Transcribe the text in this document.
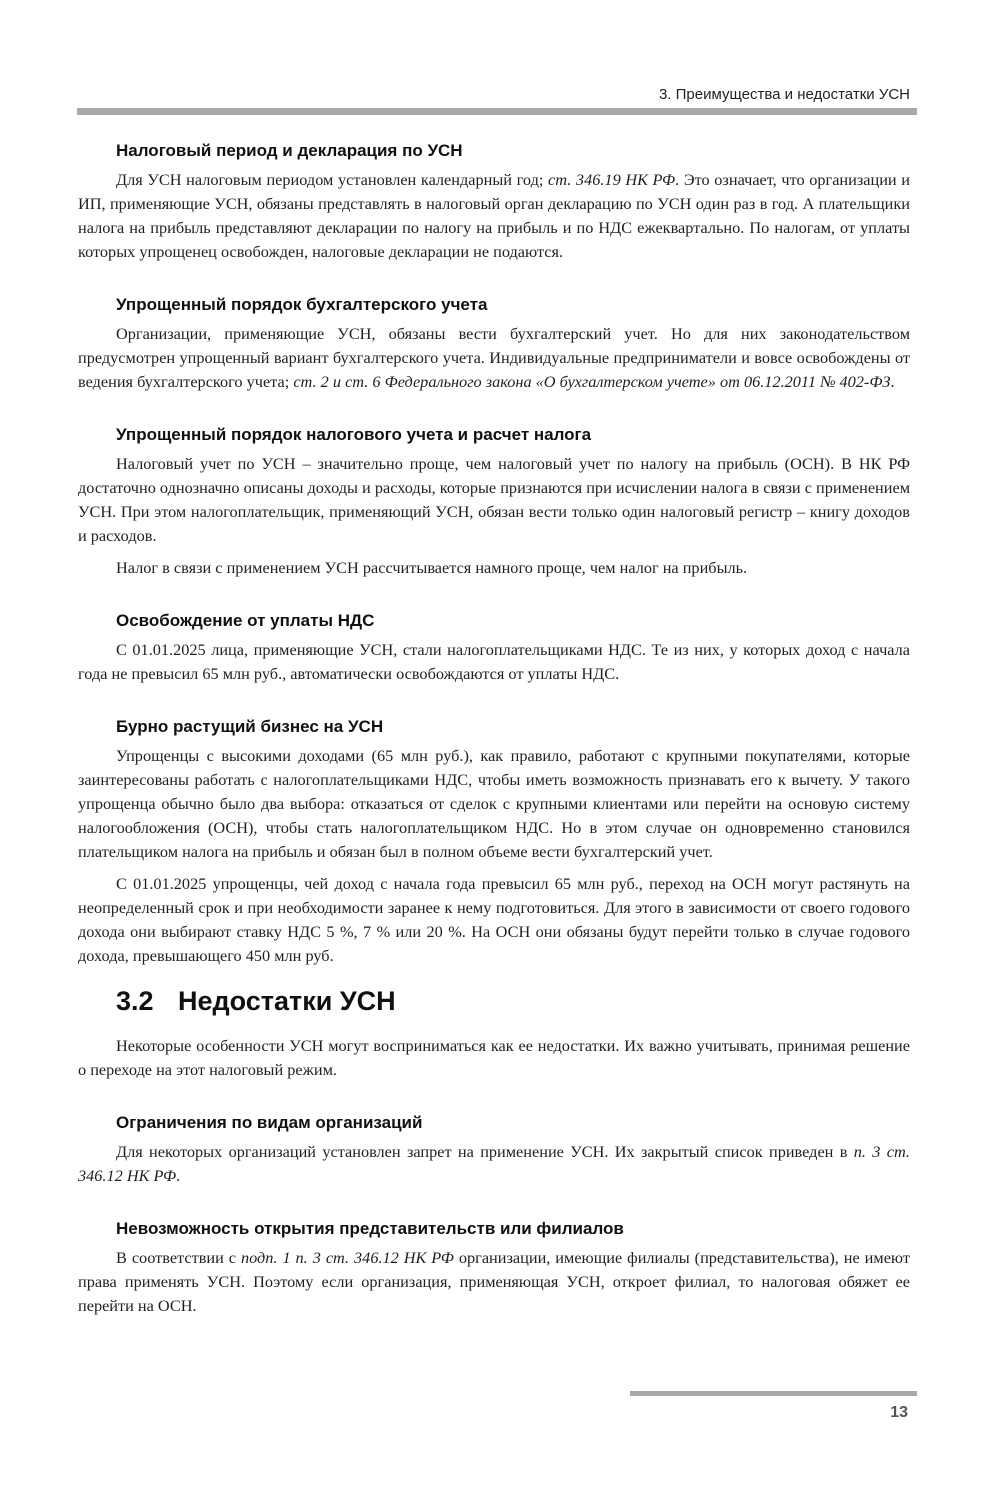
3. Преимущества и недостатки УСН
Налоговый период и декларация по УСН

Для УСН налоговым периодом установлен календарный год; ст. 346.19 НК РФ. Это означает, что организации и ИП, применяющие УСН, обязаны представлять в налоговый орган декларацию по УСН один раз в год. А плательщики налога на прибыль представляют декларации по налогу на прибыль и по НДС ежеквартально. По налогам, от уплаты которых упрощенец освобожден, налоговые декларации не подаются.

Упрощенный порядок бухгалтерского учета

Организации, применяющие УСН, обязаны вести бухгалтерский учет. Но для них законодательством предусмотрен упрощенный вариант бухгалтерского учета. Индивидуальные предприниматели и вовсе освобождены от ведения бухгалтерского учета; ст. 2 и ст. 6 Федерального закона «О бухгалтерском учете» от 06.12.2011 № 402-ФЗ.

Упрощенный порядок налогового учета и расчет налога

Налоговый учет по УСН – значительно проще, чем налоговый учет по налогу на прибыль (ОСН). В НК РФ достаточно однозначно описаны доходы и расходы, которые признаются при исчислении налога в связи с применением УСН. При этом налогоплательщик, применяющий УСН, обязан вести только один налоговый регистр – книгу доходов и расходов.

Налог в связи с применением УСН рассчитывается намного проще, чем налог на прибыль.

Освобождение от уплаты НДС

С 01.01.2025 лица, применяющие УСН, стали налогоплательщиками НДС. Те из них, у которых доход с начала года не превысил 65 млн руб., автоматически освобождаются от уплаты НДС.

Бурно растущий бизнес на УСН

Упрощенцы с высокими доходами (65 млн руб.), как правило, работают с крупными покупателями, которые заинтересованы работать с налогоплательщиками НДС, чтобы иметь возможность признавать его к вычету. У такого упрощенца обычно было два выбора: отказаться от сделок с крупными клиентами или перейти на основую систему налогообложения (ОСН), чтобы стать налогоплательщиком НДС. Но в этом случае он одновременно становился плательщиком налога на прибыль и обязан был в полном объеме вести бухгалтерский учет.

С 01.01.2025 упрощенцы, чей доход с начала года превысил 65 млн руб., переход на ОСН могут растянуть на неопределенный срок и при необходимости заранее к нему подготовиться. Для этого в зависимости от своего годового дохода они выбирают ставку НДС 5 %, 7 % или 20 %. На ОСН они обязаны будут перейти только в случае годового дохода, превышающего 450 млн руб.

3.2 Недостатки УСН

Некоторые особенности УСН могут восприниматься как ее недостатки. Их важно учитывать, принимая решение о переходе на этот налоговый режим.

Ограничения по видам организаций

Для некоторых организаций установлен запрет на применение УСН. Их закрытый список приведен в п. 3 ст. 346.12 НК РФ.

Невозможность открытия представительств или филиалов

В соответствии с подп. 1 п. 3 ст. 346.12 НК РФ организации, имеющие филиалы (представительства), не имеют права применять УСН. Поэтому если организация, применяющая УСН, откроет филиал, то налоговая обяжет ее перейти на ОСН.

13
